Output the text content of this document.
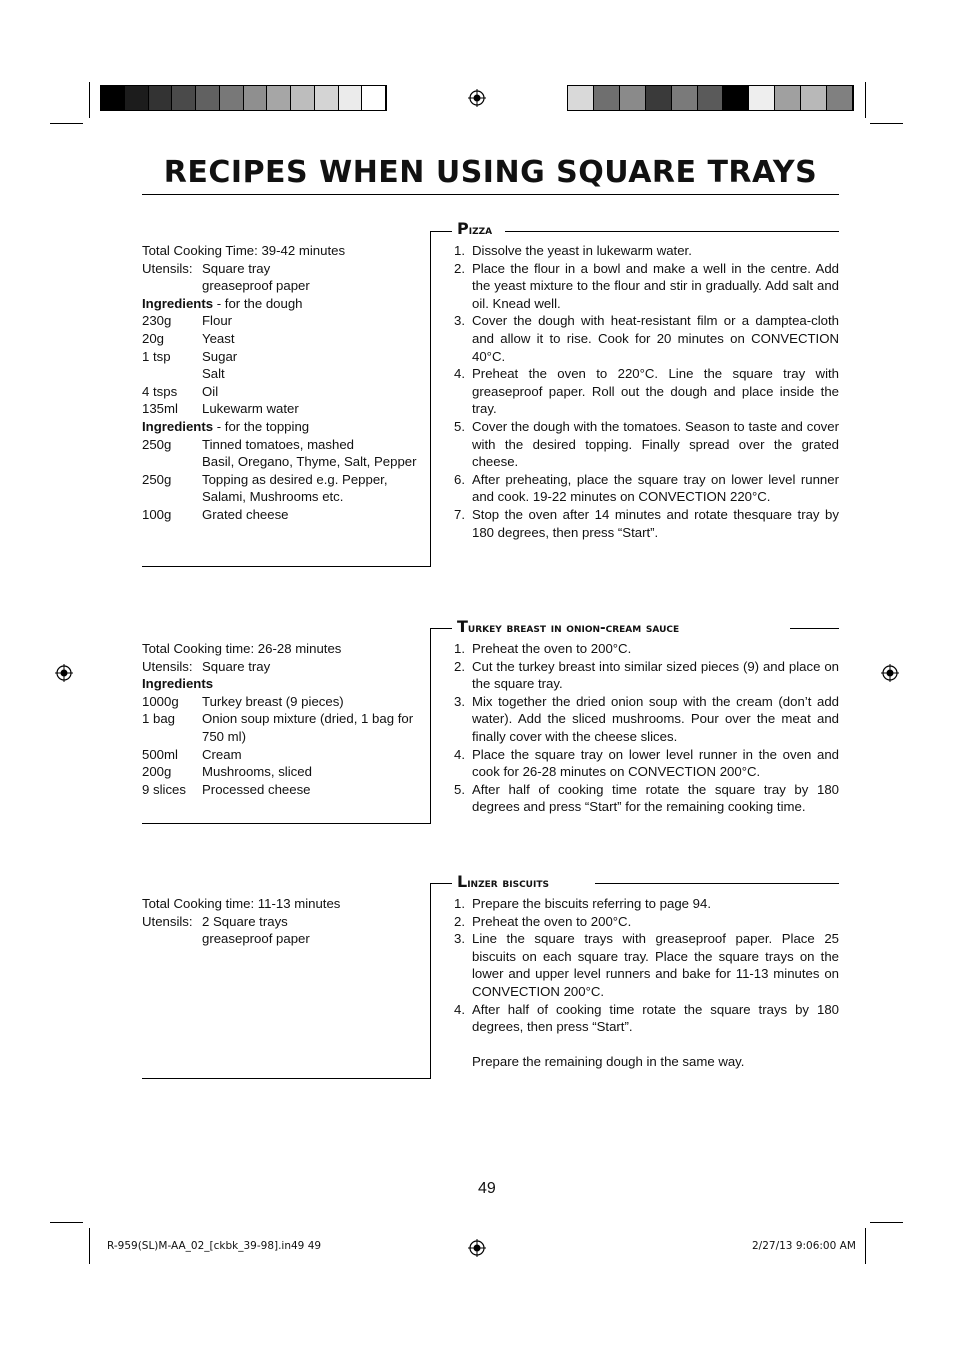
RECIPES WHEN USING SQUARE TRAYS
Total Cooking Time: 39-42 minutes
Utensils: Square tray
greaseproof paper
Ingredients - for the dough
230g	Flour
20g	Yeast
1 tsp	Sugar
Salt
4 tsps	Oil
135ml	Lukewarm water
Ingredients - for the topping
250g	Tinned tomatoes, mashed
Basil, Oregano, Thyme, Salt, Pepper
250g	Topping as desired e.g. Pepper, Salami, Mushrooms etc.
100g	Grated cheese
Pizza
1. Dissolve the yeast in lukewarm water.
2. Place the flour in a bowl and make a well in the centre. Add the yeast mixture to the flour and stir in gradually. Add salt and oil. Knead well.
3. Cover the dough with heat-resistant film or a damptea-cloth and allow it to rise. Cook for 20 minutes on CONVECTION 40°C.
4. Preheat the oven to 220°C. Line the square tray with greaseproof paper. Roll out the dough and place inside the tray.
5. Cover the dough with the tomatoes. Season to taste and cover with the desired topping. Finally spread over the grated cheese.
6. After preheating, place the square tray on lower level runner and cook. 19-22 minutes on CONVECTION 220°C.
7. Stop the oven after 14 minutes and rotate thesquare tray by 180 degrees, then press “Start”.
Total Cooking time: 26-28 minutes
Utensils: Square tray
Ingredients
1000g	Turkey breast (9 pieces)
1 bag	Onion soup mixture (dried, 1 bag for 750 ml)
500ml	Cream
200g	Mushrooms, sliced
9 slices	Processed cheese
Turkey breast in onion-cream sauce
1. Preheat the oven to 200°C.
2. Cut the turkey breast into similar sized pieces (9) and place on the square tray.
3. Mix together the dried onion soup with the cream (don’t add water). Add the sliced mushrooms. Pour over the meat and finally cover with the cheese slices.
4. Place the square tray on lower level runner in the oven and cook for 26-28 minutes on CONVECTION 200°C.
5. After half of cooking time rotate the square tray by 180 degrees and press “Start” for the remaining cooking time.
Total Cooking time: 11-13 minutes
Utensils: 2 Square trays
greaseproof paper
Linzer biscuits
1. Prepare the biscuits referring to page 94.
2. Preheat the oven to 200°C.
3. Line the square trays with greaseproof paper. Place 25 biscuits on each square tray. Place the square trays on the lower and upper level runners and bake for 11-13 minutes on CONVECTION 200°C.
4. After half of cooking time rotate the square trays by 180 degrees, then press “Start”.
Prepare the remaining dough in the same way.
49
R-959(SL)M-AA_02_[ckbk_39-98].in49 49	2/27/13 9:06:00 AM
